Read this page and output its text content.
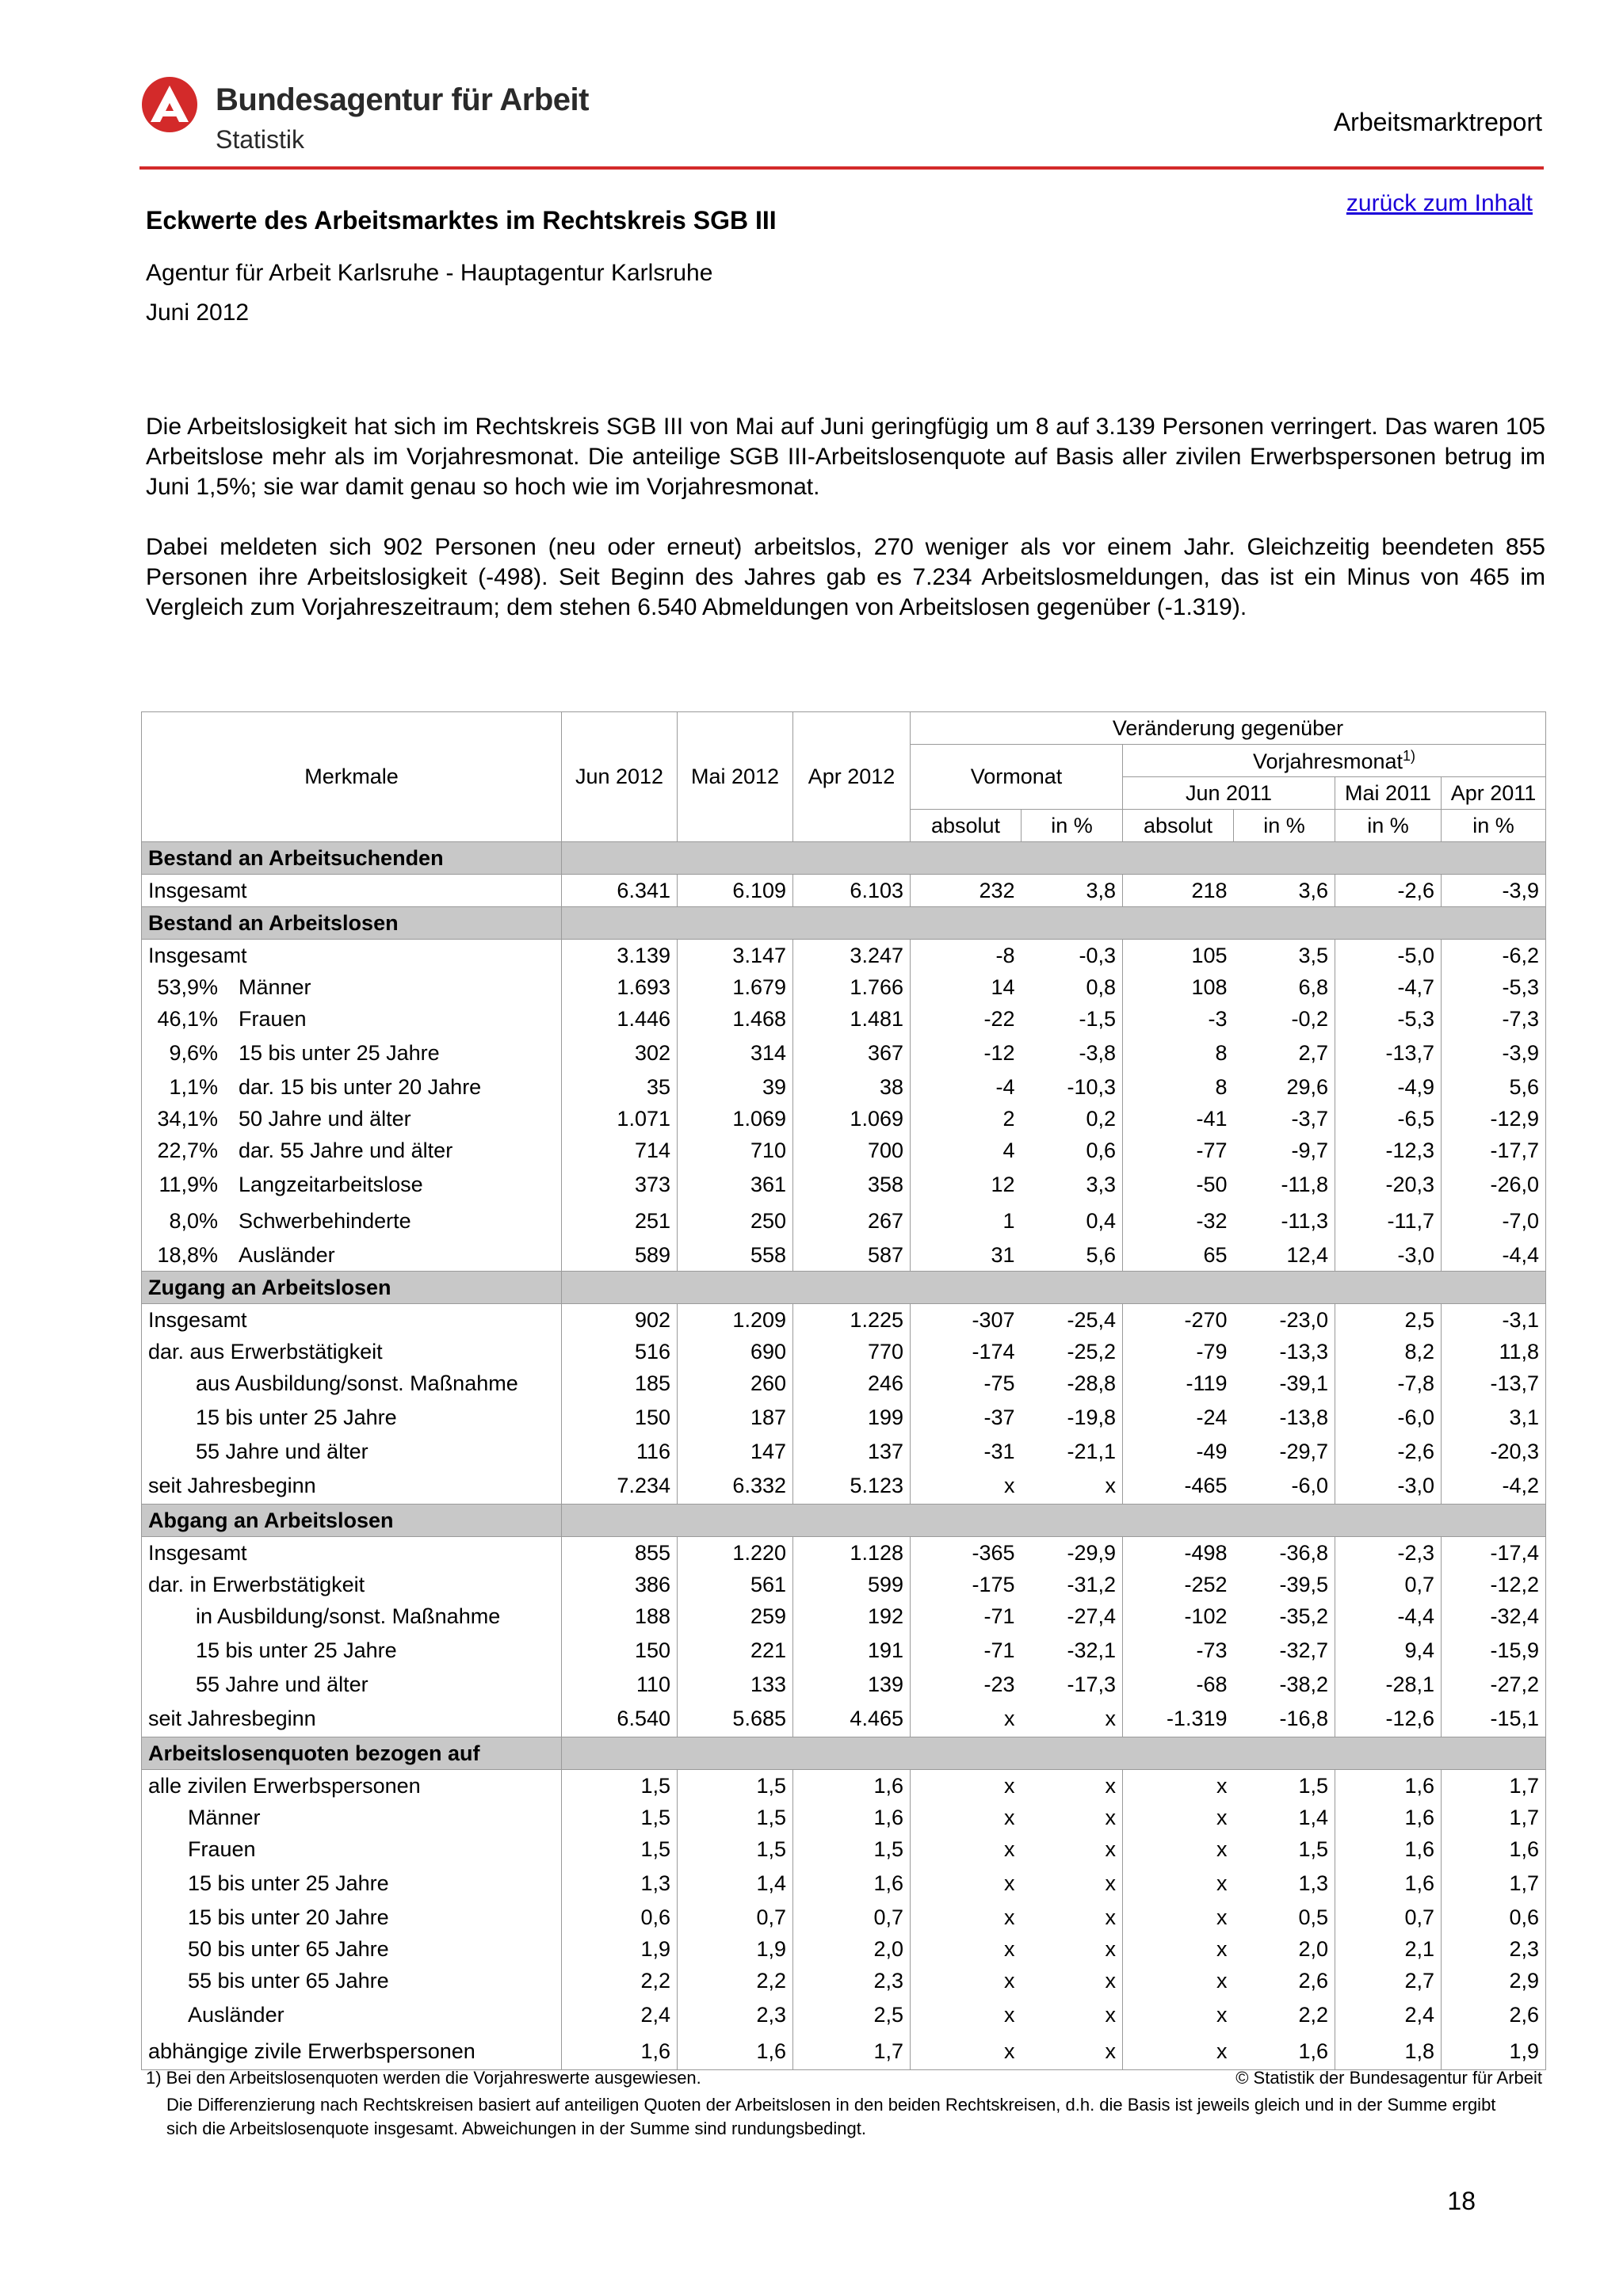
Bundesagentur für Arbeit
Statistik
Arbeitsmarktreport
zurück zum Inhalt
Eckwerte des Arbeitsmarktes im Rechtskreis SGB III
Agentur für Arbeit Karlsruhe - Hauptagentur Karlsruhe
Juni 2012
Die Arbeitslosigkeit hat sich im Rechtskreis SGB III von Mai auf Juni geringfügig um 8 auf 3.139 Personen verringert. Das waren 105 Arbeitslose mehr als im Vorjahresmonat. Die anteilige SGB III-Arbeitslosenquote auf Basis aller zivilen Erwerbspersonen betrug im Juni 1,5%; sie war damit genau so hoch wie im Vorjahresmonat.
Dabei meldeten sich 902 Personen (neu oder erneut) arbeitslos, 270 weniger als vor einem Jahr. Gleichzeitig beendeten 855 Personen ihre Arbeitslosigkeit (-498). Seit Beginn des Jahres gab es 7.234 Arbeitslosmeldungen, das ist ein Minus von 465 im Vergleich zum Vorjahreszeitraum; dem stehen 6.540 Abmeldungen von Arbeitslosen gegenüber (-1.319).
Merkmale	Jun 2012	Mai 2012	Apr 2012	Veränderung gegenüber					
				Vormonat		Vorjahresmonat$^{1)}$
						Jun 2011		Mai 2011	Apr 2011
				absolut	in %	absolut	in %	in %	in %
Bestand an Arbeitsuchenden									
Insgesamt	6.341	6.109	6.103	232	3,8	218	3,6	-2,6	-3,9
Bestand an Arbeitslosen									
Insgesamt	3.139	3.147	3.247	-8	-0,3	105	3,5	-5,0	-6,2
53,9% Männer	1.693	1.679	1.766	14	0,8	108	6,8	-4,7	-5,3
46,1% Frauen	1.446	1.468	1.481	-22	-1,5	-3	-0,2	-5,3	-7,3
9,6% 15 bis unter 25 Jahre	302	314	367	-12	-3,8	8	2,7	-13,7	-3,9
1,1% dar. 15 bis unter 20 Jahre	35	39	38	-4	-10,3	8	29,6	-4,9	5,6
34,1% 50 Jahre und älter	1.071	1.069	1.069	2	0,2	-41	-3,7	-6,5	-12,9
22,7% dar. 55 Jahre und älter	714	710	700	4	0,6	-77	-9,7	-12,3	-17,7
11,9% Langzeitarbeitslose	373	361	358	12	3,3	-50	-11,8	-20,3	-26,0
8,0% Schwerbehinderte	251	250	267	1	0,4	-32	-11,3	-11,7	-7,0
18,8% Ausländer	589	558	587	31	5,6	65	12,4	-3,0	-4,4
Zugang an Arbeitslosen									
Insgesamt	902	1.209	1.225	-307	-25,4	-270	-23,0	2,5	-3,1
dar. aus Erwerbstätigkeit	516	690	770	-174	-25,2	-79	-13,3	8,2	11,8
aus Ausbildung/sonst. Maßnahme	185	260	246	-75	-28,8	-119	-39,1	-7,8	-13,7
15 bis unter 25 Jahre	150	187	199	-37	-19,8	-24	-13,8	-6,0	3,1
55 Jahre und älter	116	147	137	-31	-21,1	-49	-29,7	-2,6	-20,3
seit Jahresbeginn	7.234	6.332	5.123	x	x	-465	-6,0	-3,0	-4,2
Abgang an Arbeitslosen									
Insgesamt	855	1.220	1.128	-365	-29,9	-498	-36,8	-2,3	-17,4
dar. in Erwerbstätigkeit	386	561	599	-175	-31,2	-252	-39,5	0,7	-12,2
in Ausbildung/sonst. Maßnahme	188	259	192	-71	-27,4	-102	-35,2	-4,4	-32,4
15 bis unter 25 Jahre	150	221	191	-71	-32,1	-73	-32,7	9,4	-15,9
55 Jahre und älter	110	133	139	-23	-17,3	-68	-38,2	-28,1	-27,2
seit Jahresbeginn	6.540	5.685	4.465	x	x	-1.319	-16,8	-12,6	-15,1
Arbeitslosenquoten bezogen auf									
alle zivilen Erwerbspersonen	1,5	1,5	1,6	x	x	x	1,5	1,6	1,7
Männer	1,5	1,5	1,6	x	x	x	1,4	1,6	1,7
Frauen	1,5	1,5	1,5	x	x	x	1,5	1,6	1,6
15 bis unter 25 Jahre	1,3	1,4	1,6	x	x	x	1,3	1,6	1,7
15 bis unter 20 Jahre	0,6	0,7	0,7	x	x	x	0,5	0,7	0,6
50 bis unter 65 Jahre	1,9	1,9	2,0	x	x	x	2,0	2,1	2,3
55 bis unter 65 Jahre	2,2	2,2	2,3	x	x	x	2,6	2,7	2,9
Ausländer	2,4	2,3	2,5	x	x	x	2,2	2,4	2,6
abhängige zivile Erwerbspersonen	1,6	1,6	1,7	x	x	x	1,6	1,8	1,9
1) Bei den Arbeitslosenquoten werden die Vorjahreswerte ausgewiesen.	© Statistik der Bundesagentur für Arbeit
Die Differenzierung nach Rechtskreisen basiert auf anteiligen Quoten der Arbeitslosen in den beiden Rechtskreisen, d.h. die Basis ist jeweils gleich und in der Summe ergibt sich die Arbeitslosenquote insgesamt. Abweichungen in der Summe sind rundungsbedingt.
18
